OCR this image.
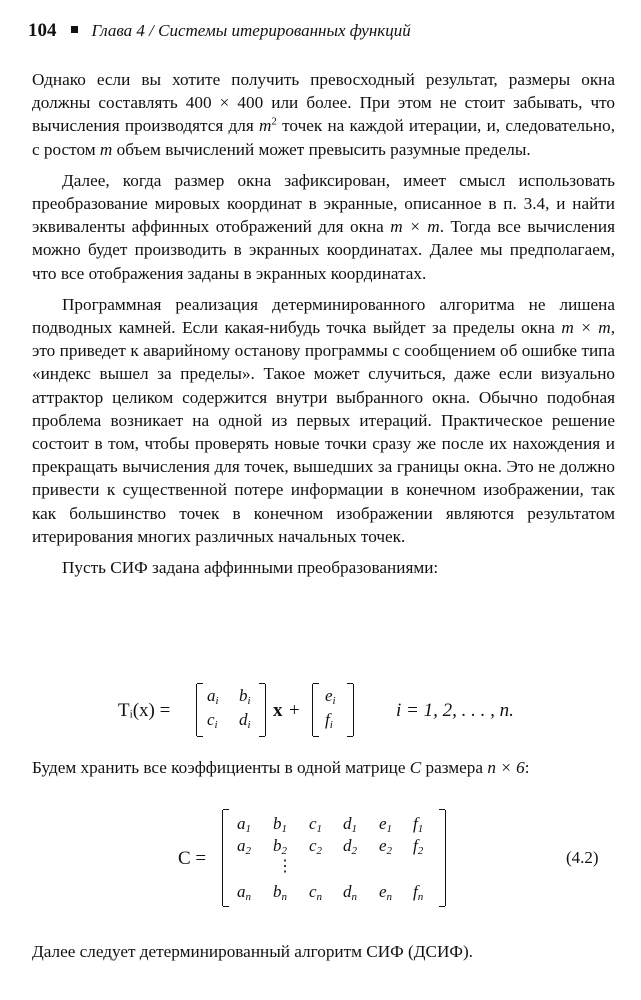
104 Глава 4 / Системы итерированных функций

Однако если вы хотите получить превосходный результат, размеры окна должны составлять 400 × 400 или более. При этом не стоит забывать, что вычисления производятся для $m^2$ точек на каждой итерации, и, следовательно, с ростом m объем вычислений может превысить разумные пределы.

Далее, когда размер окна зафиксирован, имеет смысл использовать преобразование мировых координат в экранные, описанное в п. 3.4, и найти эквиваленты аффинных отображений для окна m × m. Тогда все вычисления можно будет производить в экранных координатах. Далее мы предполагаем, что все отображения заданы в экранных координатах.

Программная реализация детерминированного алгоритма не лишена подводных камней. Если какая-нибудь точка выйдет за пределы окна m × m, это приведет к аварийному останову программы с сообщением об ошибке типа «индекс вышел за пределы». Такое может случиться, даже если визуально аттрактор целиком содержится внутри выбранного окна. Обычно подобная проблема возникает на одной из первых итераций. Практическое решение состоит в том, чтобы проверять новые точки сразу же после их нахождения и прекращать вычисления для точек, вышедших за границы окна. Это не должно привести к существенной потере информации в конечном изображении, так как большинство точек в конечном изображении являются результатом итерирования многих различных начальных точек.

Пусть СИФ задана аффинными преобразованиями:

Tᵢ(x) =
$a_i$ $b_i$
$c_i$ $d_i$
x +
$e_i$
$f_i$
i = 1, 2, . . . , n.
Будем хранить все коэффициенты в одной матрице C размера n × 6:
C =
$a_1$ $b_1$ $c_1$ $d_1$ $e_1$ $f_1$
$a_2$ $b_2$ $c_2$ $d_2$ $e_2$ $f_2$
⋮
$a_n$ $b_n$ $c_n$ $d_n$ $e_n$ $f_n$
(4.2)
Далее следует детерминированный алгоритм СИФ (ДСИФ).
